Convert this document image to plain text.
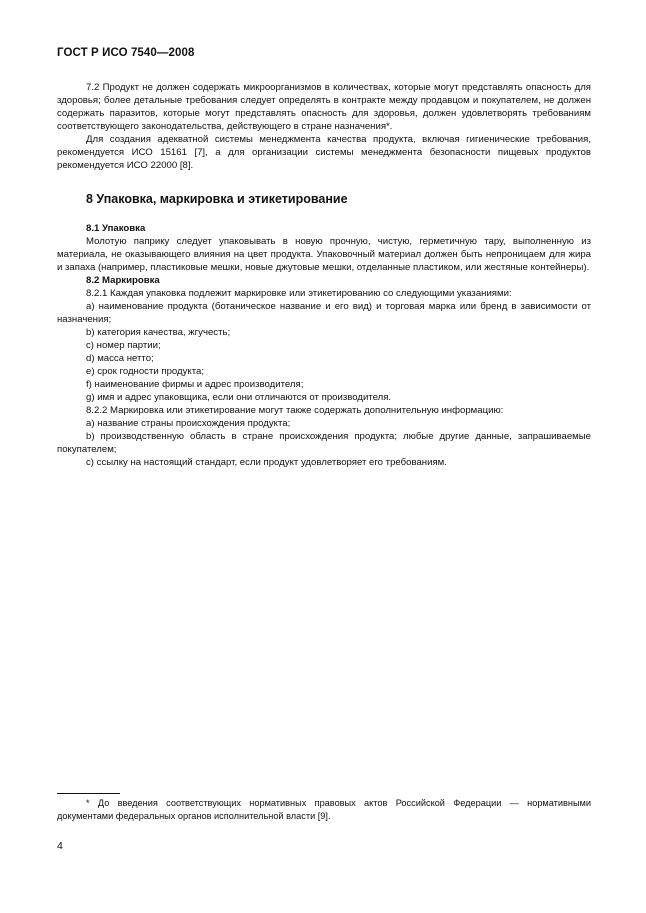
ГОСТ Р ИСО 7540—2008

7.2 Продукт не должен содержать микроорганизмов в количествах, которые могут представлять опасность для здоровья; более детальные требования следует определять в контракте между продавцом и покупателем, не должен содержать паразитов, которые могут представлять опасность для здоровья, должен удовлетворять требованиям соответствующего законодательства, действующего в стране назначения*.

Для создания адекватной системы менеджмента качества продукта, включая гигиенические требования, рекомендуется ИСО 15161 [7], а для организации системы менеджмента безопасности пищевых продуктов рекомендуется ИСО 22000 [8].

8 Упаковка, маркировка и этикетирование

8.1 Упаковка

Молотую паприку следует упаковывать в новую прочную, чистую, герметичную тару, выполненную из материала, не оказывающего влияния на цвет продукта. Упаковочный материал должен быть непроницаем для жира и запаха (например, пластиковые мешки, новые джутовые мешки, отделанные пластиком, или жестяные контейнеры).

8.2 Маркировка

8.2.1 Каждая упаковка подлежит маркировке или этикетированию со следующими указаниями:

a) наименование продукта (ботаническое название и его вид) и торговая марка или бренд в зависимости от назначения;

b) категория качества, жгучесть;

c) номер партии;

d) масса нетто;

e) срок годности продукта;

f) наименование фирмы и адрес производителя;

g) имя и адрес упаковщика, если они отличаются от производителя.

8.2.2 Маркировка или этикетирование могут также содержать дополнительную информацию:

a) название страны происхождения продукта;

b) производственную область в стране происхождения продукта; любые другие данные, запрашиваемые покупателем;

c) ссылку на настоящий стандарт, если продукт удовлетворяет его требованиям.

* До введения соответствующих нормативных правовых актов Российской Федерации — нормативными документами федеральных органов исполнительной власти [9].
4
